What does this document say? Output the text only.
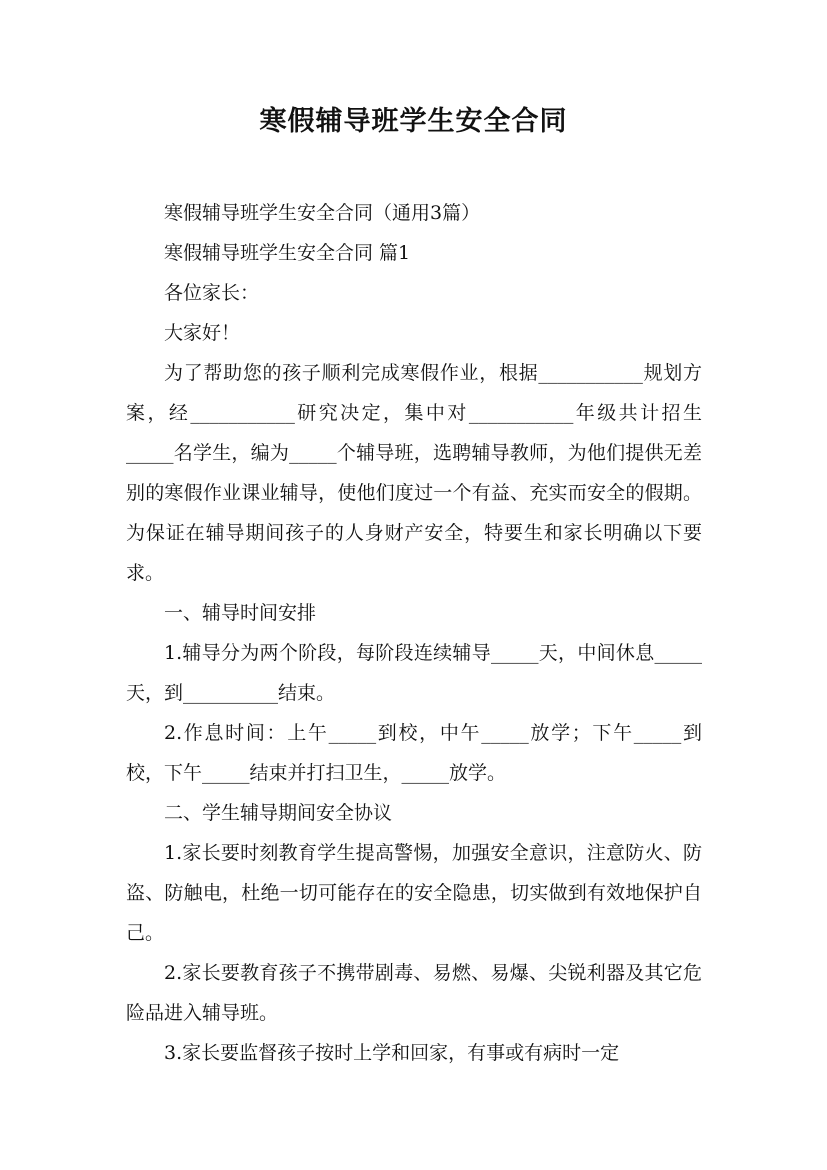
寒假辅导班学生安全合同

寒假辅导班学生安全合同（通用3篇）

寒假辅导班学生安全合同 篇1

各位家长：

大家好！

为了帮助您的孩子顺利完成寒假作业，根据___________规划方案，经___________研究决定，集中对___________年级共计招生_____名学生，编为_____个辅导班，选聘辅导教师，为他们提供无差别的寒假作业课业辅导，使他们度过一个有益、充实而安全的假期。为保证在辅导期间孩子的人身财产安全，特要生和家长明确以下要求。

一、辅导时间安排

1.辅导分为两个阶段，每阶段连续辅导_____天，中间休息_____天，到__________结束。

2.作息时间：上午_____到校，中午_____放学；下午_____到校，下午_____结束并打扫卫生，_____放学。

二、学生辅导期间安全协议

1.家长要时刻教育学生提高警惕，加强安全意识，注意防火、防盗、防触电，杜绝一切可能存在的安全隐患，切实做到有效地保护自己。

2.家长要教育孩子不携带剧毒、易燃、易爆、尖锐利器及其它危险品进入辅导班。

3.家长要监督孩子按时上学和回家，有事或有病时一定
